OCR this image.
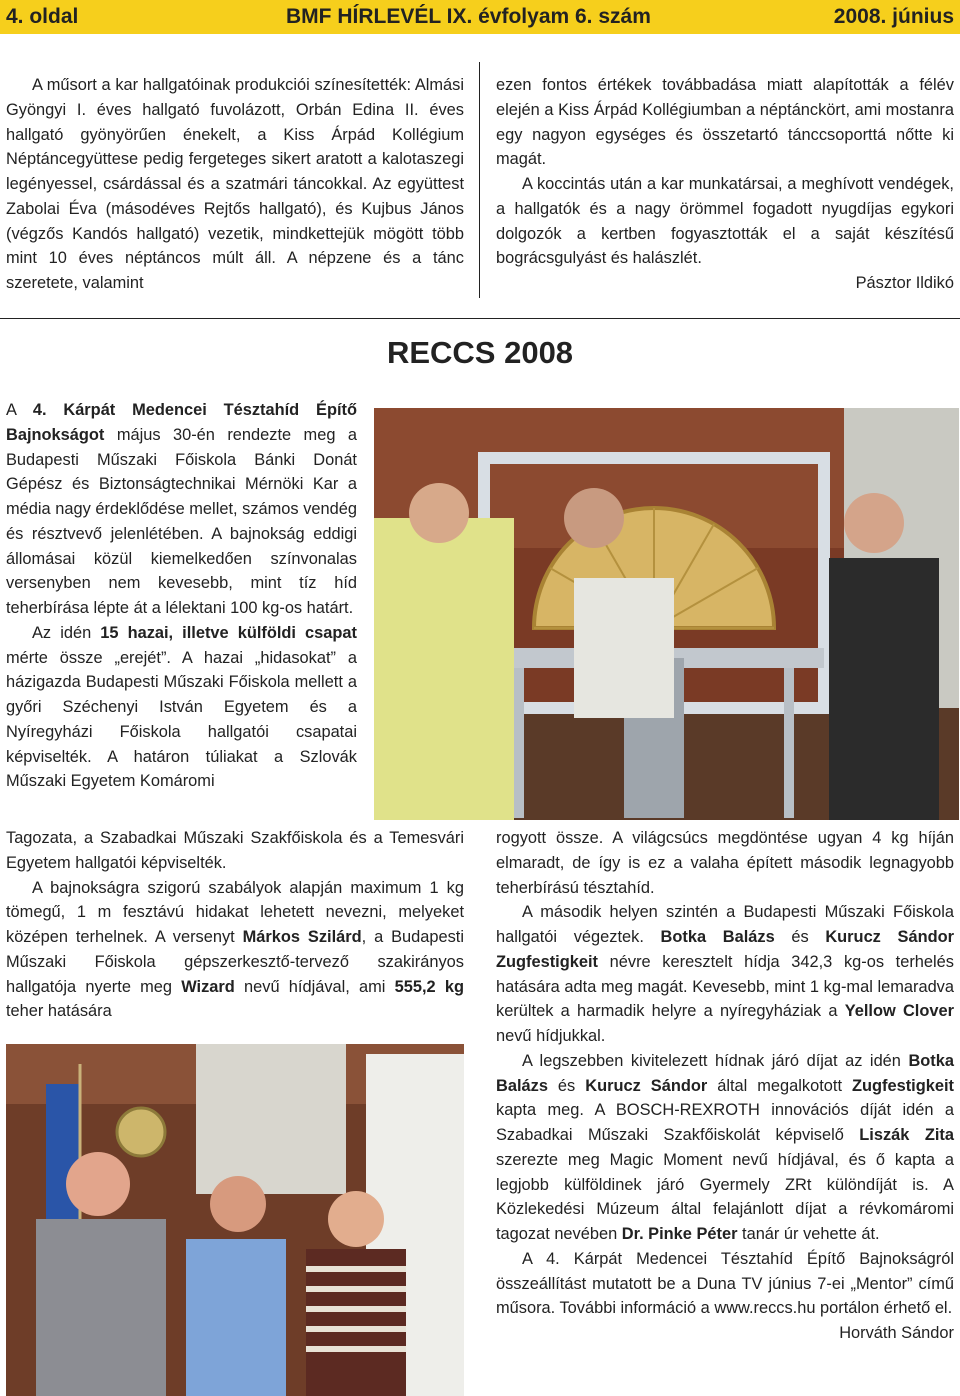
4. oldal	BMF HÍRLEVÉL IX. évfolyam 6. szám	2008. június

A műsort a kar hallgatóinak produkciói színesítették: Almási Gyöngyi I. éves hallgató fuvolázott, Orbán Edina II. éves hallgató gyönyörűen énekelt, a Kiss Árpád Kollégium Néptáncegyüttese pedig fergeteges sikert aratott a kalotaszegi legényessel, csárdással és a szatmári táncokkal. Az együttest Zabolai Éva (másodéves Rejtős hallgató), és Kujbus János (végzős Kandós hallgató) vezetik, mindkettejük mögött több mint 10 éves néptáncos múlt áll. A népzene és a tánc szeretete, valamint

ezen fontos értékek továbbadása miatt alapították a félév elején a Kiss Árpád Kollégiumban a néptánckört, ami mostanra egy nagyon egységes és összetartó tánccsoporttá nőtte ki magát.

A koccintás után a kar munkatársai, a meghívott vendégek, a hallgatók és a nagy örömmel fogadott nyugdíjas egykori dolgozók a kertben fogyasztották el a saját készítésű bográcsgulyást és halászlét.

Pásztor Ildikó

RECCS 2008

A 4. Kárpát Medencei Tésztahíd Építő Bajnokságot május 30-én rendezte meg a Budapesti Műszaki Főiskola Bánki Donát Gépész és Biztonságtechnikai Mérnöki Kar a média nagy érdeklődése mellet, számos vendég és résztvevő jelenlétében. A bajnokság eddigi állomásai közül kiemelkedően színvonalas versenyben nem kevesebb, mint tíz híd teherbírása lépte át a lélektani 100 kg-os határt.

Az idén 15 hazai, illetve külföldi csapat mérte össze „erejét”. A hazai „hidasokat” a házigazda Budapesti Műszaki Főiskola mellett a győri Széchenyi István Egyetem és a Nyíregyházi Főiskola hallgatói csapatai képviselték. A határon túliakat a Szlovák Műszaki Egyetem Komáromi

Tagozata, a Szabadkai Műszaki Szakfőiskola és a Temesvári Egyetem hallgatói képviselték.

A bajnokságra szigorú szabályok alapján maximum 1 kg tömegű, 1 m fesztávú hidakat lehetett nevezni, melyeket középen terhelnek. A versenyt Márkos Szilárd, a Budapesti Műszaki Főiskola gépszerkesztő-tervező szakirányos hallgatója nyerte meg Wizard nevű hídjával, ami 555,2 kg teher hatására

rogyott össze. A világcsúcs megdöntése ugyan 4 kg híján elmaradt, de így is ez a valaha épített második legnagyobb teherbírású tésztahíd.

A második helyen szintén a Budapesti Műszaki Főiskola hallgatói végeztek. Botka Balázs és Kurucz Sándor Zugfestigkeit névre keresztelt hídja 342,3 kg-os terhelés hatására adta meg magát. Kevesebb, mint 1 kg-mal lemaradva kerültek a harmadik helyre a nyíregyháziak a Yellow Clover nevű hídjukkal.

A legszebben kivitelezett hídnak járó díjat az idén Botka Balázs és Kurucz Sándor által megalkotott Zugfestigkeit kapta meg. A BOSCH-REXROTH innovációs díját idén a Szabadkai Műszaki Szakfőiskolát képviselő Liszák Zita szerezte meg Magic Moment nevű hídjával, és ő kapta a legjobb külföldinek járó Gyermely ZRt különdíját is. A Közlekedési Múzeum által felajánlott díjat a révkomáromi tagozat nevében Dr. Pinke Péter tanár úr vehette át.

A 4. Kárpát Medencei Tésztahíd Építő Bajnokságról összeállítást mutatott be a Duna TV június 7-ei „Mentor” című műsora. További információ a www.reccs.hu portálon érhető el.

Horváth Sándor
